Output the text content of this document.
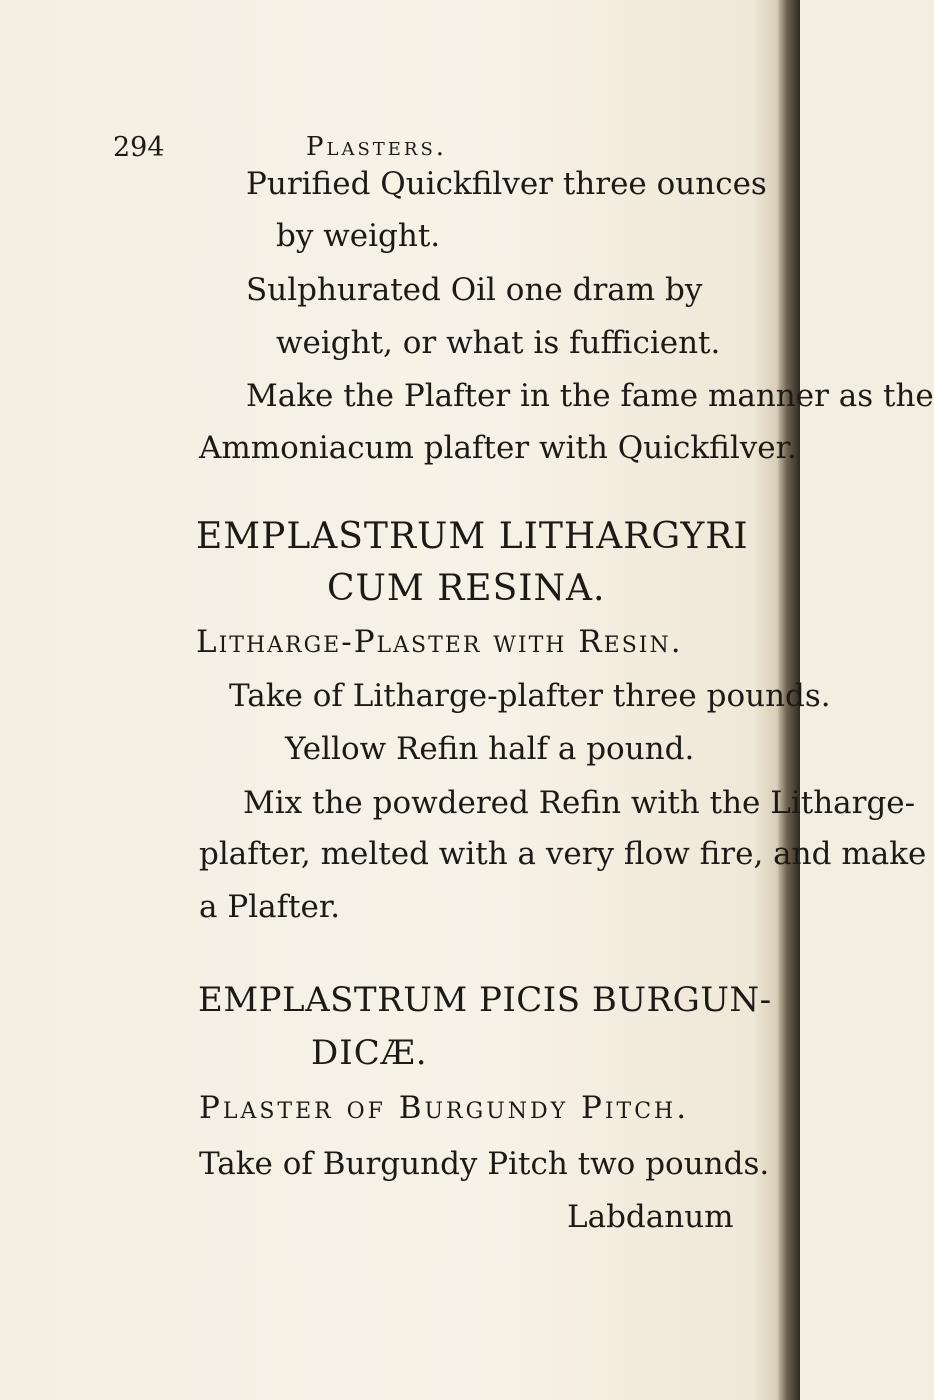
294	Plasters.
Purified Quickfilver three ounces
by weight.
Sulphurated Oil one dram by
weight, or what is fufficient.
Make the Plafter in the fame manner as the
Ammoniacum plafter with Quickfilver.
EMPLASTRUM LITHARGYRI
CUM RESINA.
Litharge-Plaster with Resin.
Take of Litharge-plafter three pounds.
Yellow Refin half a pound.
Mix the powdered Refin with the Litharge-
plafter, melted with a very flow fire, and make
a Plafter.
EMPLASTRUM PICIS BURGUN-
DICÆ.
Plaster of Burgundy Pitch.
Take of Burgundy Pitch two pounds.
Labdanum
